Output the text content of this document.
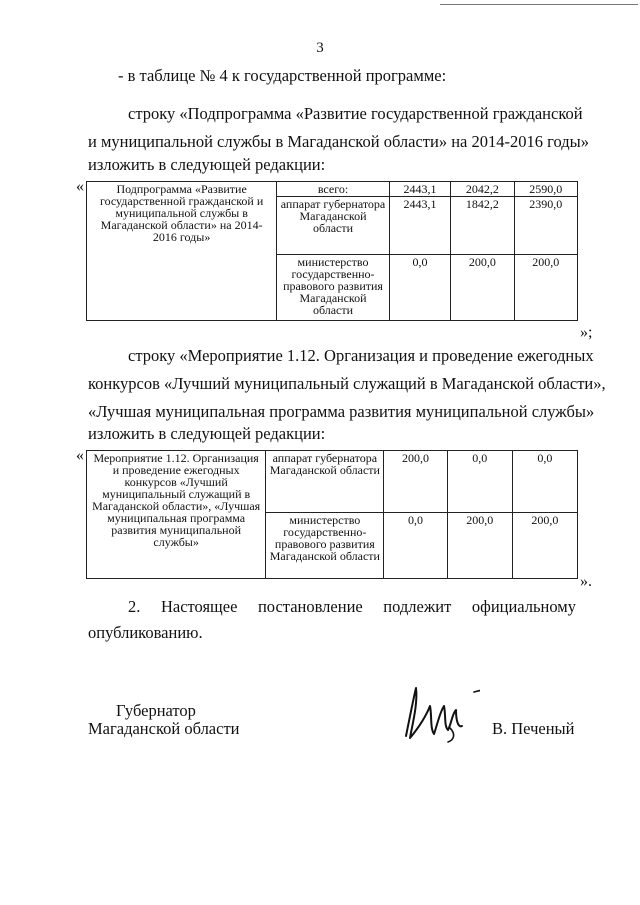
3
- в таблице № 4 к государственной программе:
строку «Подпрограмма «Развитие государственной гражданской
и муниципальной службы в Магаданской области» на 2014-2016 годы»
изложить в следующей редакции:
«	Подпрограмма «Развитие государственной гражданской и муниципальной службы в Магаданской области» на 2014-2016 годы»	всего:	2443,1	2042,2	2590,0
	аппарат губернатора Магаданской области	2443,1	1842,2	2390,0
	министерство государственно-правового развития Магаданской области	0,0	200,0	200,0
»;
строку «Мероприятие 1.12. Организация и проведение ежегодных
конкурсов «Лучший муниципальный служащий в Магаданской области»,
«Лучшая муниципальная программа развития муниципальной службы»
изложить в следующей редакции:
« Мероприятие 1.12. Организация и проведение ежегодных конкурсов «Лучший муниципальный служащий в Магаданской области», «Лучшая муниципальная программа развития муниципальной службы»	аппарат губернатора Магаданской области	200,0	0,0	0,0
	министерство государственно-правового развития Магаданской области	0,0	200,0	200,0
».
2. Настоящее постановление подлежит официальному
опубликованию.
Губернатор
Магаданской области	В. Печеный
